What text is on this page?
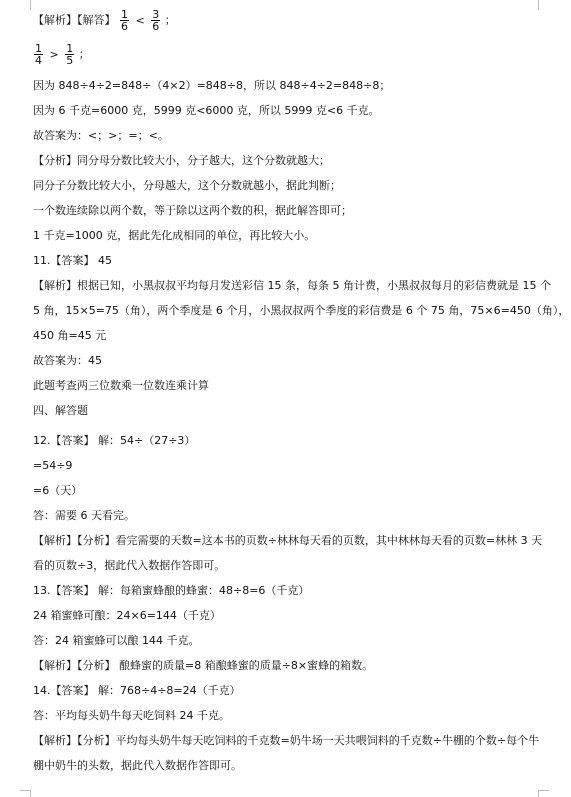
【解析】【解答】 $\frac{1}{6} < \frac{3}{6}$ ；
$\frac{1}{4} > \frac{1}{5}$ ；
因为 848÷4÷2=848÷（4×2）=848÷8，所以 848÷4÷2=848÷8；
因为 6 千克=6000 克，5999 克<6000 克，所以 5999 克<6 千克。
故答案为：<；>；=；<。
【分析】同分母分数比较大小，分子越大，这个分数就越大；
同分子分数比较大小，分母越大，这个分数就越小，据此判断；
一个数连续除以两个数，等于除以这两个数的积，据此解答即可；
1 千克=1000 克，据此先化成相同的单位，再比较大小。
11.【答案】 45
【解析】根据已知，小黑叔叔平均每月发送彩信 15 条，每条 5 角计费，小黑叔叔每月的彩信费就是 15 个
5 角，15×5=75（角），两个季度是 6 个月，小黑叔叔两个季度的彩信费是 6 个 75 角，75×6=450（角），
450 角=45 元
故答案为：45
此题考查两三位数乘一位数连乘计算
四、解答题
12.【答案】 解：54÷（27÷3）
=54÷9
=6（天）
答：需要 6 天看完。
【解析】【分析】看完需要的天数=这本书的页数÷林林每天看的页数，其中林林每天看的页数=林林 3 天
看的页数÷3，据此代入数据作答即可。
13.【答案】 解：每箱蜜蜂酿的蜂蜜：48÷8=6（千克）
24 箱蜜蜂可酿：24×6=144（千克）
答：24 箱蜜蜂可以酿 144 千克。
【解析】【分析】 酿蜂蜜的质量=8 箱酿蜂蜜的质量÷8×蜜蜂的箱数。
14.【答案】 解：768÷4÷8=24（千克）
答：平均每头奶牛每天吃饲料 24 千克。
【解析】【分析】平均每头奶牛每天吃饲料的千克数=奶牛场一天共喂饲料的千克数÷牛棚的个数÷每个牛
棚中奶牛的头数，据此代入数据作答即可。
